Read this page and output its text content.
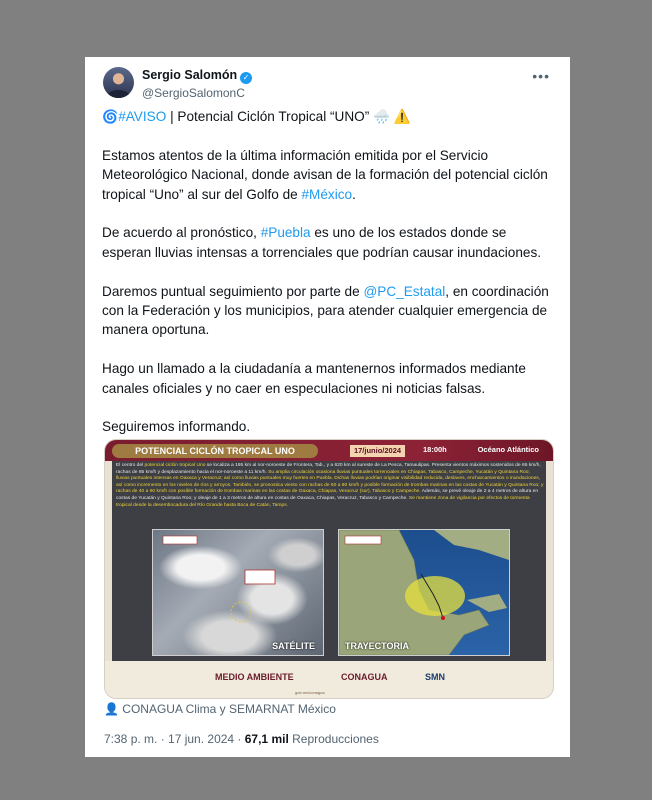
Sergio Salomón ✓
@SergioSalomonC
•••

🌀#AVISO | Potencial Ciclón Tropical “UNO” 🌧️ ⚠️

Estamos atentos de la última información emitida por el Servicio Meteorológico Nacional, donde avisan de la formación del potencial ciclón tropical “Uno” al sur del Golfo de #México.

De acuerdo al pronóstico, #Puebla es uno de los estados donde se esperan lluvias intensas a torrenciales que podrían causar inundaciones.

Daremos puntual seguimiento por parte de @PC_Estatal, en coordinación con la Federación y los municipios, para atender cualquier emergencia de manera oportuna.

Hago un llamado a la ciudadanía a mantenernos informados mediante canales oficiales y no caer en especulaciones ni noticias falsas.

Seguiremos informando.

POTENCIAL CICLÓN TROPICAL UNO	17/junio/2024	18:00h	Océano Atlántico
El centro del potencial ciclón tropical Uno se localiza a 195 km al nor-noroeste de Frontera, Tab., y a 620 km al sureste de La Pesca, Tamaulipas. Presenta vientos máximos sostenidos de 65 km/h, rachas de 85 km/h y desplazamiento hacia el nor-noroeste a 11 km/h. Su amplia circulación ocasiona lluvias puntuales torrenciales en Chiapas, Tabasco, Campeche, Yucatán y Quintana Roo; lluvias puntuales intensas en Oaxaca y Veracruz; así como lluvias puntuales muy fuertes en Puebla. Dichas lluvias podrían originar visibilidad reducida, deslaves, encharcamientos o inundaciones, así como incremento en los niveles de ríos y arroyos. También, se pronostica viento con rachas de 60 a 80 km/h y posible formación de trombas marinas en las costas de Yucatán y Quintana Roo; y rachas de 40 a 60 km/h con posible formación de trombas marinas en las costas de Oaxaca, Chiapas, Veracruz (sur), Tabasco y Campeche. Además, se prevé oleaje de 2 a 4 metros de altura en costas de Yucatán y Quintana Roo; y oleaje de 1 a 3 metros de altura en costas de Oaxaca, Chiapas, Veracruz, Tabasco y Campeche. Se mantiene zona de vigilancia por efectos de tormenta tropical desde la desembocadura del Río Grande hasta Boca de Catán, Tamps.
SATÉLITE	TRAYECTORIA
MEDIO AMBIENTE	CONAGUA	SMN
gob.mx/conagua
👤 CONAGUA Clima y SEMARNAT México
7:38 p. m. · 17 jun. 2024 · 67,1 mil Reproducciones
